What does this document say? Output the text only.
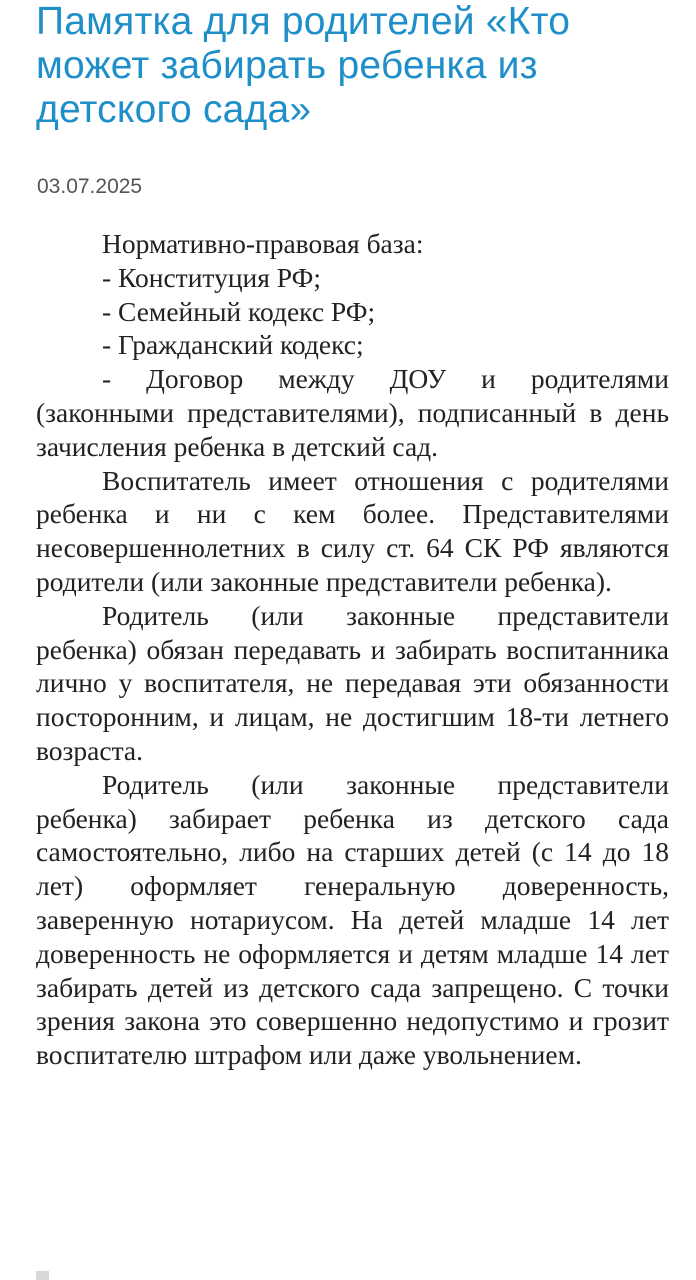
Памятка для родителей «Кто может забирать ребенка из детского сада»
03.07.2025

Нормативно-правовая база:

- Конституция РФ;

- Семейный кодекс РФ;

- Гражданский кодекс;

- Договор между ДОУ и родителями (законными представителями), подписанный в день зачисления ребенка в детский сад.

Воспитатель имеет отношения с родителями ребенка и ни с кем более. Представителями несовершеннолетних в силу ст. 64 СК РФ являются родители (или законные представители ребенка).

Родитель (или законные представители ребенка) обязан передавать и забирать воспитанника лично у воспитателя, не передавая эти обязанности посторонним, и лицам, не достигшим 18-ти летнего возраста.

Родитель (или законные представители ребенка) забирает ребенка из детского сада самостоятельно, либо на старших детей (с 14 до 18 лет) оформляет генеральную доверенность, заверенную нотариусом. На детей младше 14 лет доверенность не оформляется и детям младше 14 лет забирать детей из детского сада запрещено. С точки зрения закона это совершенно недопустимо и грозит воспитателю штрафом или даже увольнением.
